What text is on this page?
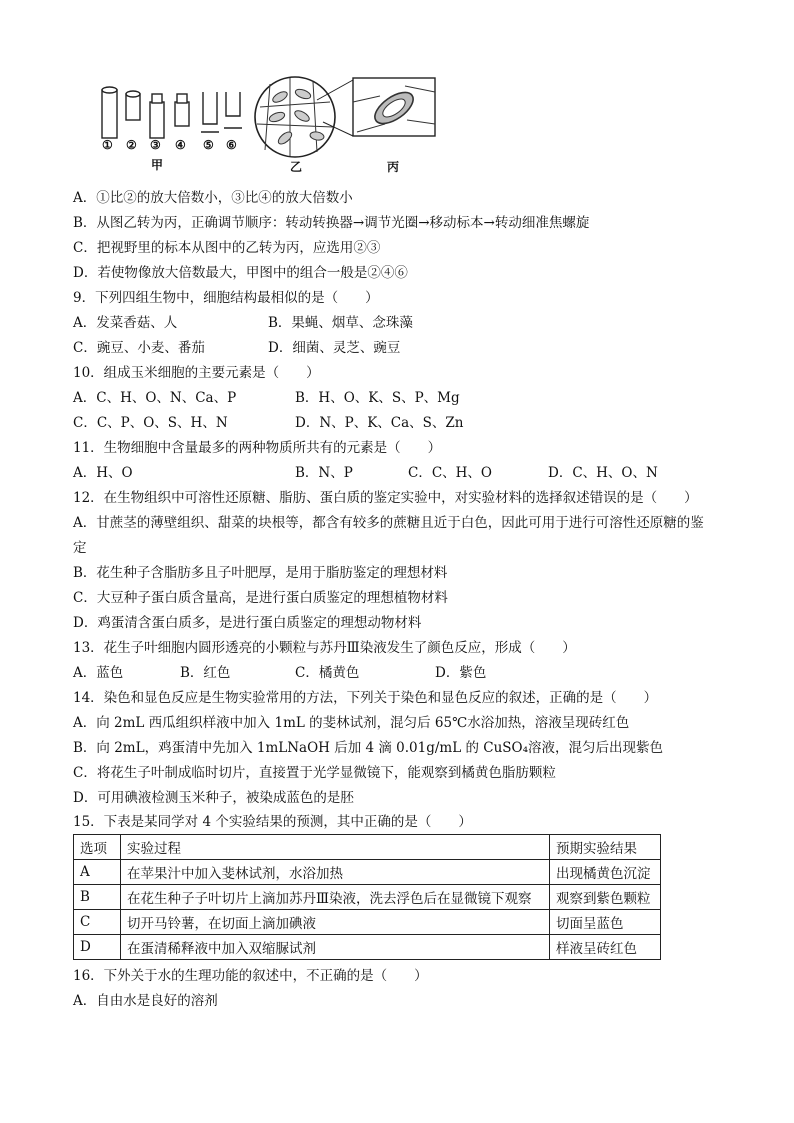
① ② ③ ④ ⑤ ⑥
甲	乙	丙
A．①比②的放大倍数小，③比④的放大倍数小
B．从图乙转为丙，正确调节顺序：转动转换器→调节光圈→移动标本→转动细准焦螺旋
C．把视野里的标本从图中的乙转为丙，应选用②③
D．若使物像放大倍数最大，甲图中的组合一般是②④⑥
9．下列四组生物中，细胞结构最相似的是（　　）
A．发菜香菇、人	B．果蝇、烟草、念珠藻
C．豌豆、小麦、番茄	D．细菌、灵芝、豌豆
10．组成玉米细胞的主要元素是（　　）
A．C、H、O、N、Ca、P	B．H、O、K、S、P、Mg
C．C、P、O、S、H、N	D．N、P、K、Ca、S、Zn
11．生物细胞中含量最多的两种物质所共有的元素是（　　）
A．H、O	B．N、P	C．C、H、O	D．C、H、O、N
12．在生物组织中可溶性还原糖、脂肪、蛋白质的鉴定实验中，对实验材料的选择叙述错误的是（　　）
A．甘蔗茎的薄壁组织、甜菜的块根等，都含有较多的蔗糖且近于白色，因此可用于进行可溶性还原糖的鉴
定
B．花生种子含脂肪多且子叶肥厚，是用于脂肪鉴定的理想材料
C．大豆种子蛋白质含量高，是进行蛋白质鉴定的理想植物材料
D．鸡蛋清含蛋白质多，是进行蛋白质鉴定的理想动物材料
13．花生子叶细胞内圆形透亮的小颗粒与苏丹Ⅲ染液发生了颜色反应，形成（　　）
A．蓝色	B．红色	C．橘黄色	D．紫色
14．染色和显色反应是生物实验常用的方法，下列关于染色和显色反应的叙述，正确的是（　　）
A．向 2mL 西瓜组织样液中加入 1mL 的斐林试剂，混匀后 65℃水浴加热，溶液呈现砖红色
B．向 2mL，鸡蛋清中先加入 1mLNaOH 后加 4 滴 0.01g/mL 的 CuSO₄溶液，混匀后出现紫色
C．将花生子叶制成临时切片，直接置于光学显微镜下，能观察到橘黄色脂肪颗粒
D．可用碘液检测玉米种子，被染成蓝色的是胚
15．下表是某同学对 4 个实验结果的预测，其中正确的是（　　）
选项	实验过程	预期实验结果
A	在苹果汁中加入斐林试剂，水浴加热	出现橘黄色沉淀
B	在花生种子子叶切片上滴加苏丹Ⅲ染液，洗去浮色后在显微镜下观察	观察到紫色颗粒
C	切开马铃薯，在切面上滴加碘液	切面呈蓝色
D	在蛋清稀释液中加入双缩脲试剂	样液呈砖红色
16．下外关于水的生理功能的叙述中，不正确的是（　　）
A．自由水是良好的溶剂
